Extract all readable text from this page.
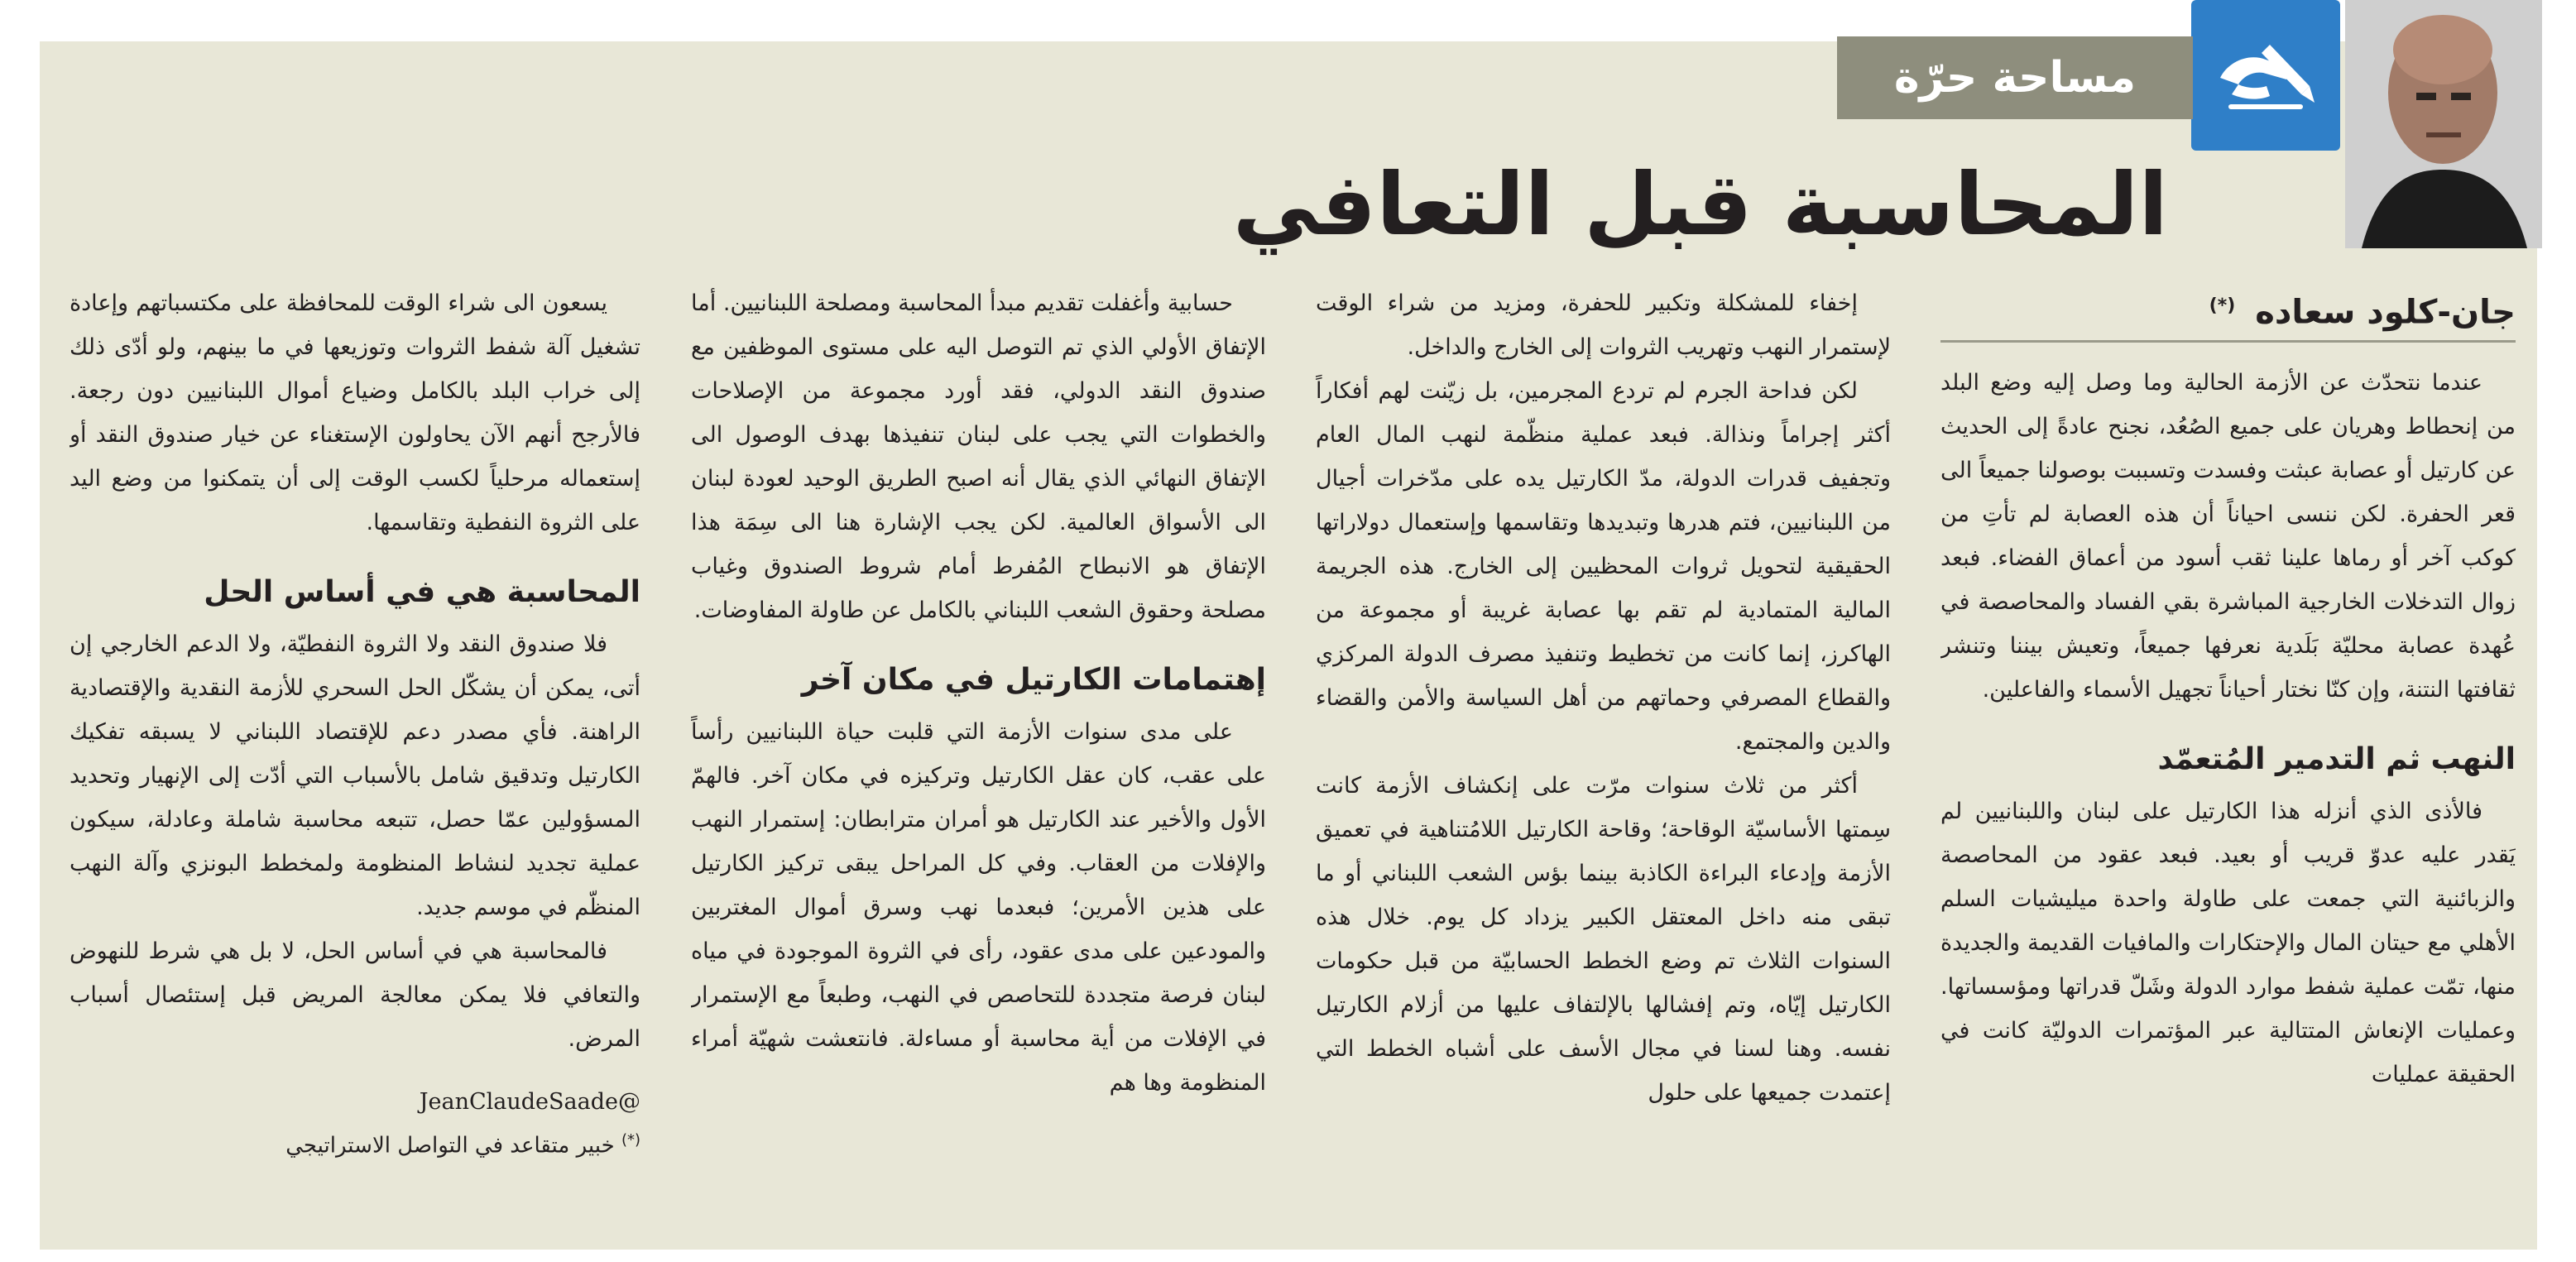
مساحة حرّة
المحاسبة قبل التعافي
جان-كلود سعاده (*)

عندما نتحدّث عن الأزمة الحالية وما وصل إليه وضع البلد من إنحطاط وهريان على جميع الصُعُد، نجنح عادةً إلى الحديث عن كارتيل أو عصابة عبثت وفسدت وتسببت بوصولنا جميعاً الى قعر الحفرة. لكن ننسى احياناً أن هذه العصابة لم تأتِ من كوكب آخر أو رماها علينا ثقب أسود من أعماق الفضاء. فبعد زوال التدخلات الخارجية المباشرة بقي الفساد والمحاصصة في عُهدة عصابة محليّة بَلَدية نعرفها جميعاً، وتعيش بيننا وتنشر ثقافتها النتنة، وإن كنّا نختار أحياناً تجهيل الأسماء والفاعلين.

النهب ثم التدمير المُتعمّد

فالأذى الذي أنزله هذا الكارتيل على لبنان واللبنانيين لم يَقدر عليه عدوّ قريب أو بعيد. فبعد عقود من المحاصصة والزبائنية التي جمعت على طاولة واحدة ميليشيات السلم الأهلي مع حيتان المال والإحتكارات والمافيات القديمة والجديدة منها، تمّت عملية شفط موارد الدولة وشَلّ قدراتها ومؤسساتها. وعمليات الإنعاش المتتالية عبر المؤتمرات الدوليّة كانت في الحقيقة عمليات

إخفاء للمشكلة وتكبير للحفرة، ومزيد من شراء الوقت لإستمرار النهب وتهريب الثروات إلى الخارج والداخل.

لكن فداحة الجرم لم تردع المجرمين، بل زيّنت لهم أفكاراً أكثر إجراماً ونذالة. فبعد عملية منظّمة لنهب المال العام وتجفيف قدرات الدولة، مدّ الكارتيل يده على مدّخرات أجيال من اللبنانيين، فتم هدرها وتبديدها وتقاسمها وإستعمال دولاراتها الحقيقية لتحويل ثروات المحظيين إلى الخارج. هذه الجريمة المالية المتمادية لم تقم بها عصابة غريبة أو مجموعة من الهاكرز، إنما كانت من تخطيط وتنفيذ مصرف الدولة المركزي والقطاع المصرفي وحماتهم من أهل السياسة والأمن والقضاء والدين والمجتمع.

أكثر من ثلاث سنوات مرّت على إنكشاف الأزمة كانت سِمتها الأساسيّة الوقاحة؛ وقاحة الكارتيل اللامُتناهية في تعميق الأزمة وإدعاء البراءة الكاذبة بينما بؤس الشعب اللبناني أو ما تبقى منه داخل المعتقل الكبير يزداد كل يوم. خلال هذه السنوات الثلاث تم وضع الخطط الحسابيّة من قبل حكومات الكارتيل إيّاه، وتم إفشالها بالإلتفاف عليها من أزلام الكارتيل نفسه. وهنا لسنا في مجال الأسف على أشباه الخطط التي إعتمدت جميعها على حلول

حسابية وأغفلت تقديم مبدأ المحاسبة ومصلحة اللبنانيين. أما الإتفاق الأولي الذي تم التوصل اليه على مستوى الموظفين مع صندوق النقد الدولي، فقد أورد مجموعة من الإصلاحات والخطوات التي يجب على لبنان تنفيذها بهدف الوصول الى الإتفاق النهائي الذي يقال أنه اصبح الطريق الوحيد لعودة لبنان الى الأسواق العالمية. لكن يجب الإشارة هنا الى سِمَة هذا الإتفاق هو الانبطاح المُفرط أمام شروط الصندوق وغياب مصلحة وحقوق الشعب اللبناني بالكامل عن طاولة المفاوضات.

إهتمامات الكارتيل في مكان آخر

على مدى سنوات الأزمة التي قلبت حياة اللبنانيين رأساً على عقب، كان عقل الكارتيل وتركيزه في مكان آخر. فالهمّ الأول والأخير عند الكارتيل هو أمران مترابطان: إستمرار النهب والإفلات من العقاب. وفي كل المراحل يبقى تركيز الكارتيل على هذين الأمرين؛ فبعدما نهب وسرق أموال المغتربين والمودعين على مدى عقود، رأى في الثروة الموجودة في مياه لبنان فرصة متجددة للتحاصص في النهب، وطبعاً مع الإستمرار في الإفلات من أية محاسبة أو مساءلة. فانتعشت شهيّة أمراء المنظومة وها هم

يسعون الى شراء الوقت للمحافظة على مكتسباتهم وإعادة تشغيل آلة شفط الثروات وتوزيعها في ما بينهم، ولو أدّى ذلك إلى خراب البلد بالكامل وضياع أموال اللبنانيين دون رجعة. فالأرجح أنهم الآن يحاولون الإستغناء عن خيار صندوق النقد أو إستعماله مرحلياً لكسب الوقت إلى أن يتمكنوا من وضع اليد على الثروة النفطية وتقاسمها.

المحاسبة هي في أساس الحل

فلا صندوق النقد ولا الثروة النفطيّة، ولا الدعم الخارجي إن أتى، يمكن أن يشكّل الحل السحري للأزمة النقدية والإقتصادية الراهنة. فأي مصدر دعم للإقتصاد اللبناني لا يسبقه تفكيك الكارتيل وتدقيق شامل بالأسباب التي أدّت إلى الإنهيار وتحديد المسؤولين عمّا حصل، تتبعه محاسبة شاملة وعادلة، سيكون عملية تجديد لنشاط المنظومة ولمخطط البونزي وآلة النهب المنظّم في موسم جديد.

فالمحاسبة هي في أساس الحل، لا بل هي شرط للنهوض والتعافي فلا يمكن معالجة المريض قبل إستئصال أسباب المرض.

JeanClaudeSaade@
(*) خبير متقاعد في التواصل الاستراتيجي
